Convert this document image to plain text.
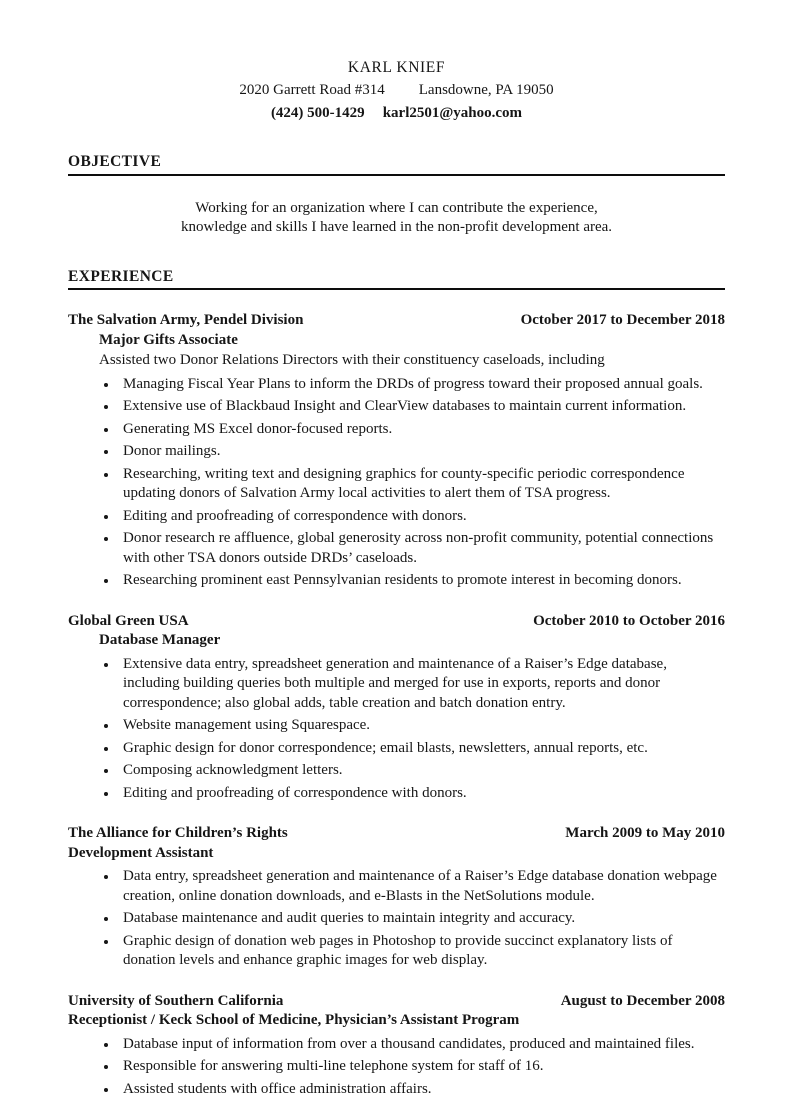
KARL KNIEF
2020 Garrett Road #314 Lansdowne, PA 19050
(424) 500-1429 karl2501@yahoo.com
OBJECTIVE
Working for an organization where I can contribute the experience,
knowledge and skills I have learned in the non-profit development area.
EXPERIENCE
The Salvation Army, Pendel Division	October 2017 to December 2018
Major Gifts Associate
Assisted two Donor Relations Directors with their constituency caseloads, including
• Managing Fiscal Year Plans to inform the DRDs of progress toward their proposed annual goals.
• Extensive use of Blackbaud Insight and ClearView databases to maintain current information.
• Generating MS Excel donor-focused reports.
• Donor mailings.
• Researching, writing text and designing graphics for county-specific periodic correspondence updating donors of Salvation Army local activities to alert them of TSA progress.
• Editing and proofreading of correspondence with donors.
• Donor research re affluence, global generosity across non-profit community, potential connections with other TSA donors outside DRDs’ caseloads.
• Researching prominent east Pennsylvanian residents to promote interest in becoming donors.
Global Green USA	October 2010 to October 2016
Database Manager
• Extensive data entry, spreadsheet generation and maintenance of a Raiser’s Edge database, including building queries both multiple and merged for use in exports, reports and donor correspondence; also global adds, table creation and batch donation entry.
• Website management using Squarespace.
• Graphic design for donor correspondence; email blasts, newsletters, annual reports, etc.
• Composing acknowledgment letters.
• Editing and proofreading of correspondence with donors.
The Alliance for Children’s Rights	March 2009 to May 2010
Development Assistant
• Data entry, spreadsheet generation and maintenance of a Raiser’s Edge database donation webpage creation, online donation downloads, and e-Blasts in the NetSolutions module.
• Database maintenance and audit queries to maintain integrity and accuracy.
• Graphic design of donation web pages in Photoshop to provide succinct explanatory lists of donation levels and enhance graphic images for web display.
University of Southern California	August to December 2008
Receptionist / Keck School of Medicine, Physician’s Assistant Program
• Database input of information from over a thousand candidates, produced and maintained files.
• Responsible for answering multi-line telephone system for staff of 16.
• Assisted students with office administration affairs.
